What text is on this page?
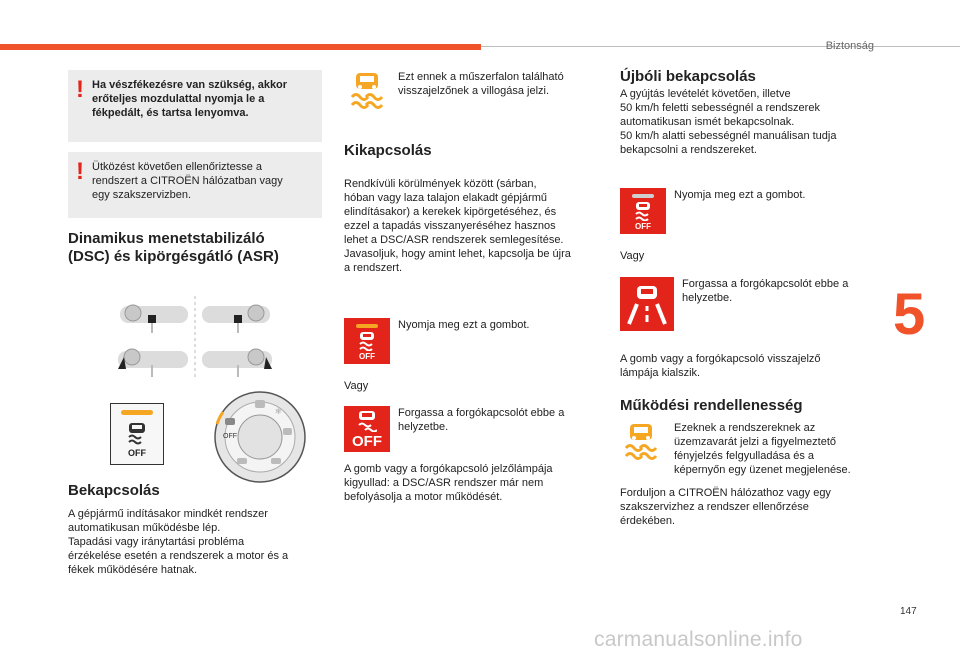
Biztonság
5
! Ha vészfékezésre van szükség, akkor
erőteljes mozdulattal nyomja le a
fékpedált, és tartsa lenyomva.
! Ütközést követően ellenőriztesse a
rendszert a CITROËN hálózatban vagy
egy szakszervizben.
Dinamikus menetstabilizáló
(DSC) és kipörgésgátló (ASR)
OFF
OFF
❄
Bekapcsolás
A gépjármű indításakor mindkét rendszer
automatikusan működésbe lép.
Tapadási vagy iránytartási probléma
érzékelése esetén a rendszerek a motor és a
fékek működésére hatnak.
Ezt ennek a műszerfalon található
visszajelzőnek a villogása jelzi.
Kikapcsolás
Rendkívüli körülmények között (sárban,
hóban vagy laza talajon elakadt gépjármű
elindításakor) a kerekek kipörgetéséhez, és
ezzel a tapadás visszanyeréséhez hasznos
lehet a DSC/ASR rendszerek semlegesítése.
Javasoljuk, hogy amint lehet, kapcsolja be újra
a rendszert.
OFF
Nyomja meg ezt a gombot.
Vagy
OFF
Forgassa a forgókapcsolót ebbe a
helyzetbe.
A gomb vagy a forgókapcsoló jelzőlámpája
kigyullad: a DSC/ASR rendszer már nem
befolyásolja a motor működését.
Újbóli bekapcsolás
A gyújtás levételét követően, illetve
50 km/h feletti sebességnél a rendszerek
automatikusan ismét bekapcsolnak.
50 km/h alatti sebességnél manuálisan tudja
bekapcsolni a rendszereket.
OFF
Nyomja meg ezt a gombot.
Vagy
Forgassa a forgókapcsolót ebbe a
helyzetbe.
A gomb vagy a forgókapcsoló visszajelző
lámpája kialszik.
Működési rendellenesség
Ezeknek a rendszereknek az
üzemzavarát jelzi a figyelmeztető
fényjelzés felgyulladása és a
képernyőn egy üzenet megjelenése.
Forduljon a CITROËN hálózathoz vagy egy
szakszervizhez a rendszer ellenőrzése
érdekében.
147
carmanualsonline.info
